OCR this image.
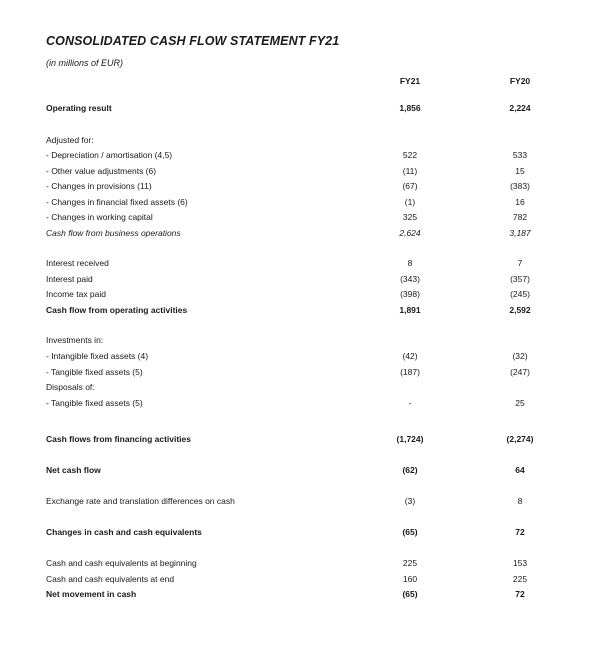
CONSOLIDATED CASH FLOW STATEMENT FY21
(in millions of EUR)
FY21	FY20
Operating result	1,856	2,224
Adjusted for:
- Depreciation / amortisation (4,5)	522	533
- Other value adjustments (6)	(11)	15
- Changes in provisions (11)	(67)	(383)
- Changes in financial fixed assets (6)	(1)	16
- Changes in working capital	325	782
Cash flow from business operations	2,624	3,187
Interest received	8	7
Interest paid	(343)	(357)
Income tax paid	(398)	(245)
Cash flow from operating activities	1,891	2,592
Investments in:
- Intangible fixed assets (4)	(42)	(32)
- Tangible fixed assets (5)	(187)	(247)
Disposals of:
- Tangible fixed assets (5)	-	25
Cash flows from financing activities	(1,724)	(2,274)
Net cash flow	(62)	64
Exchange rate and translation differences on cash	(3)	8
Changes in cash and cash equivalents	(65)	72
Cash and cash equivalents at beginning	225	153
Cash and cash equivalents at end	160	225
Net movement in cash	(65)	72
